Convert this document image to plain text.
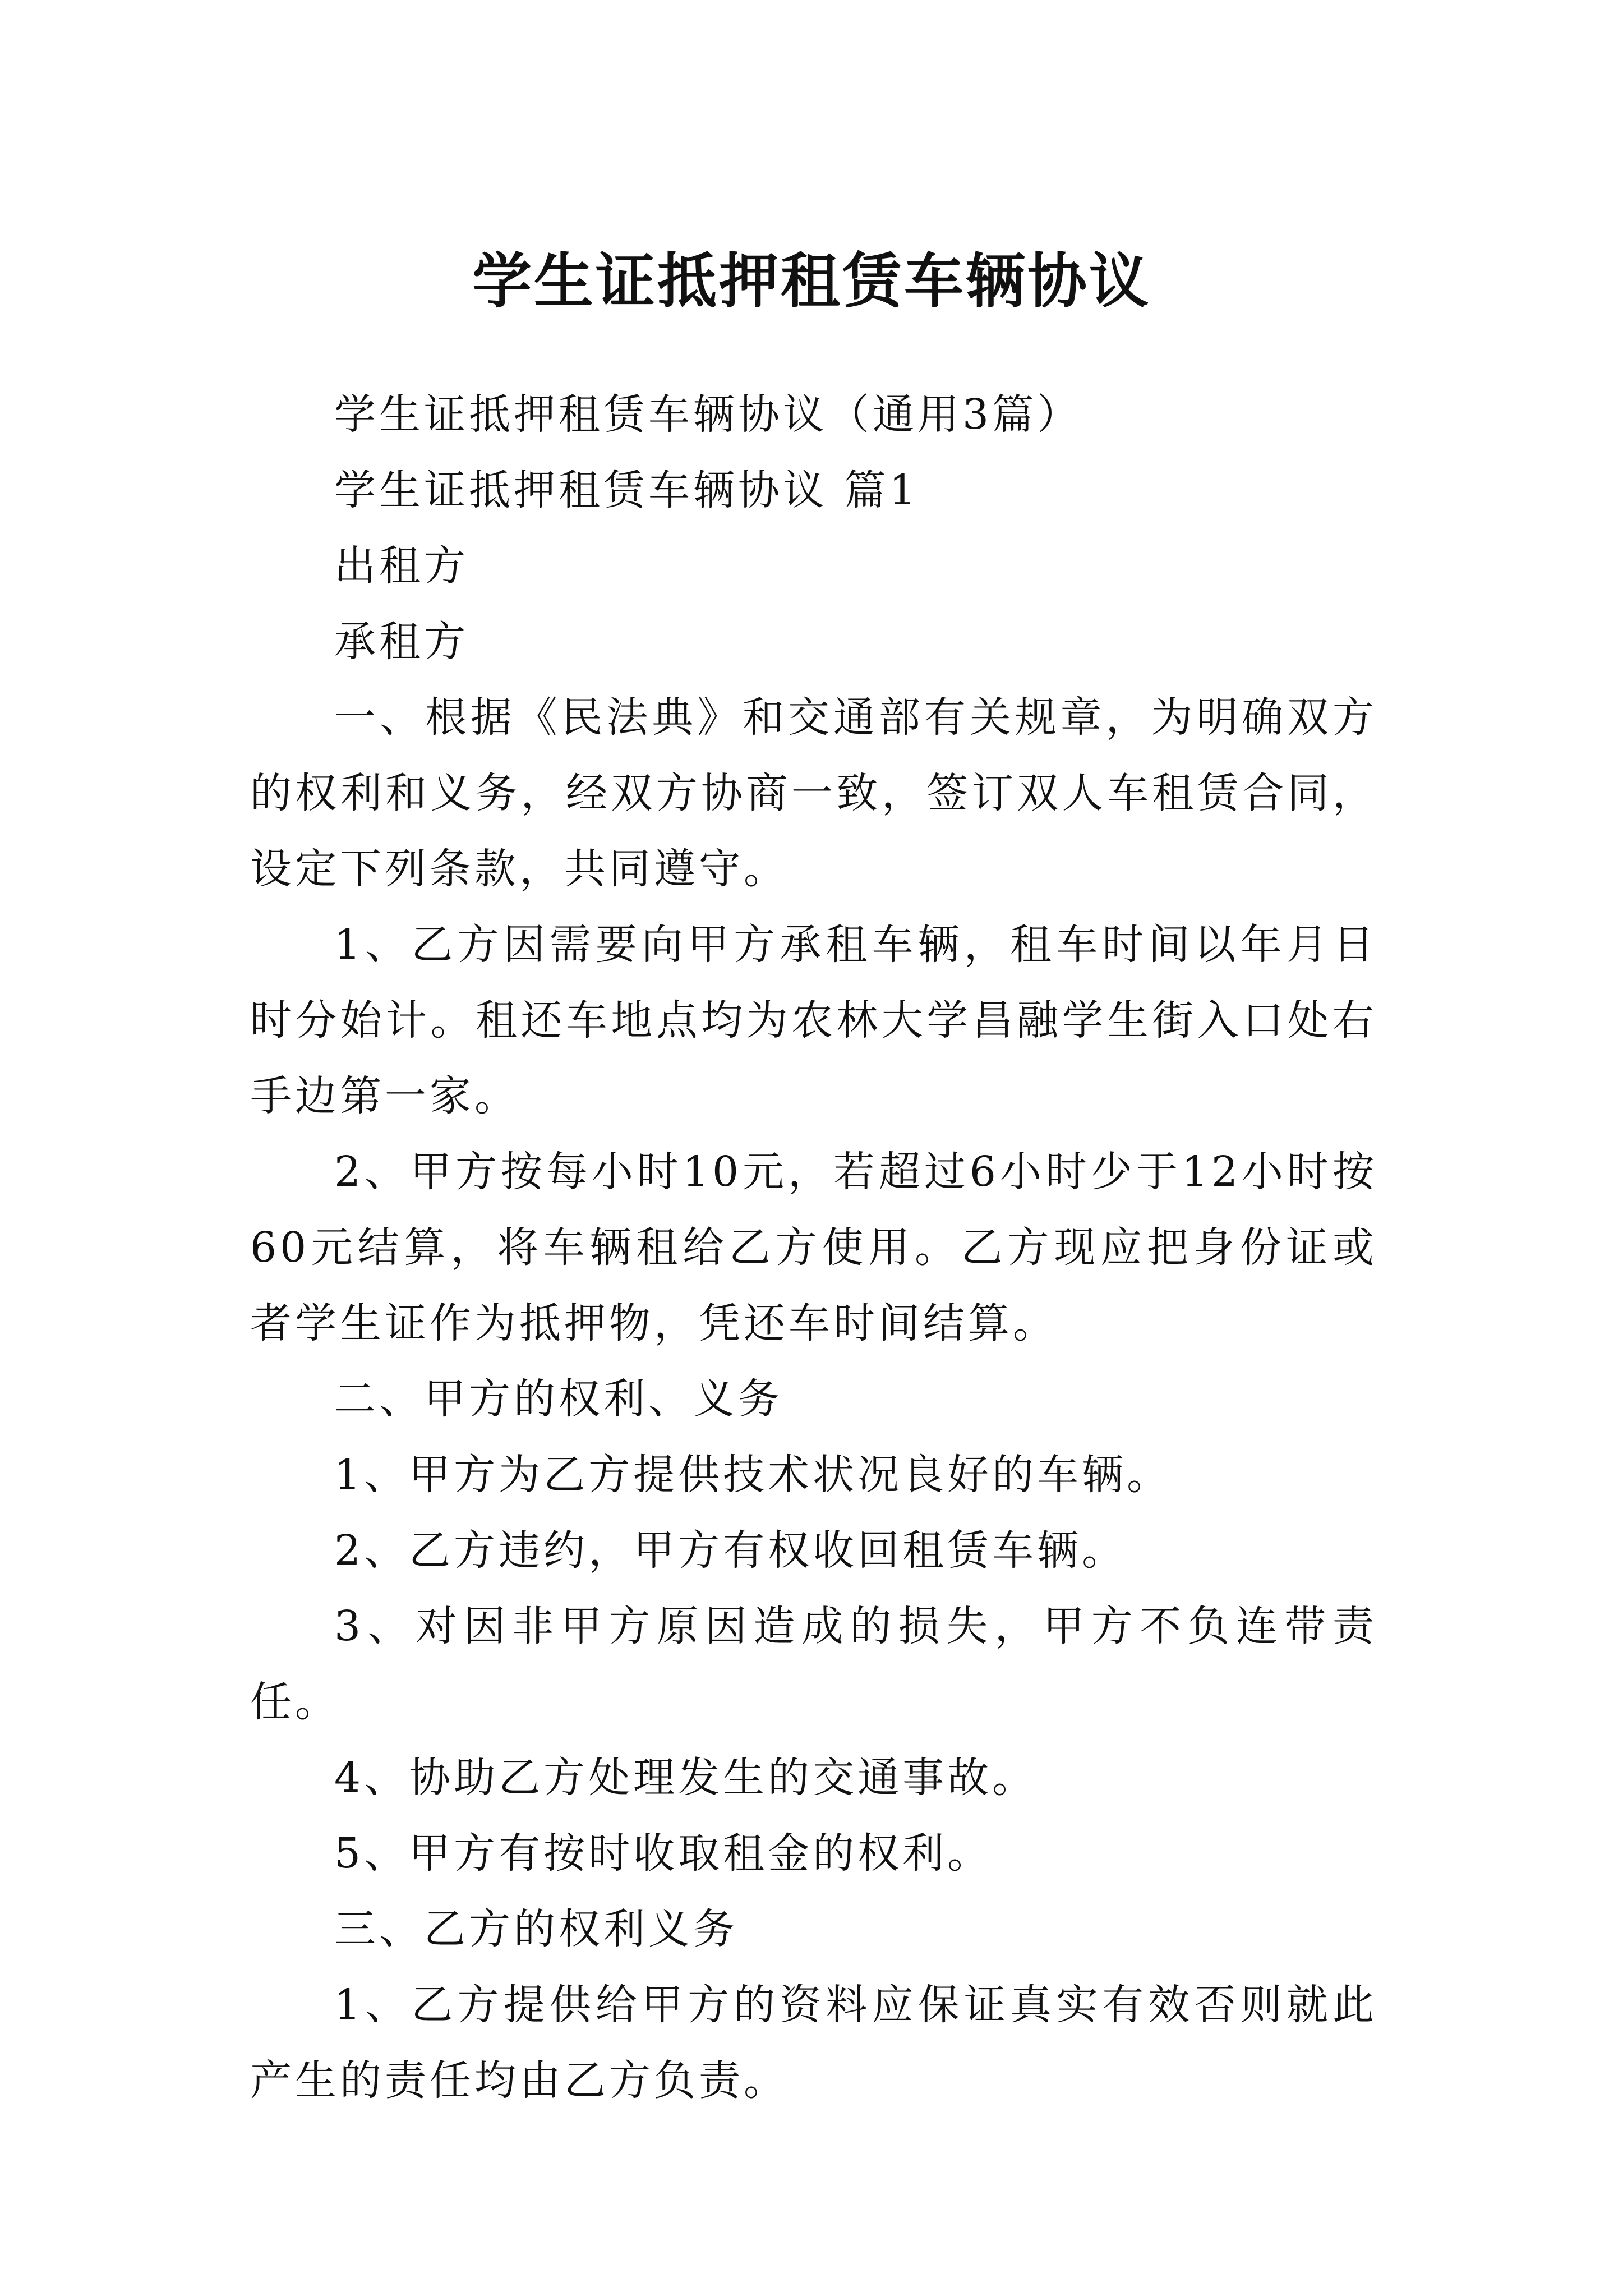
学生证抵押租赁车辆协议

学生证抵押租赁车辆协议（通用3篇）

学生证抵押租赁车辆协议 篇1

出租方

承租方

一、根据《民法典》和交通部有关规章，为明确双方的权利和义务，经双方协商一致，签订双人车租赁合同，设定下列条款，共同遵守。

1、乙方因需要向甲方承租车辆，租车时间以年月日时分始计。租还车地点均为农林大学昌融学生街入口处右手边第一家。

2、甲方按每小时10元，若超过6小时少于12小时按60元结算，将车辆租给乙方使用。乙方现应把身份证或者学生证作为抵押物，凭还车时间结算。

二、甲方的权利、义务

1、甲方为乙方提供技术状况良好的车辆。

2、乙方违约，甲方有权收回租赁车辆。

3、对因非甲方原因造成的损失，甲方不负连带责任。

4、协助乙方处理发生的交通事故。

5、甲方有按时收取租金的权利。

三、乙方的权利义务

1、乙方提供给甲方的资料应保证真实有效否则就此产生的责任均由乙方负责。
